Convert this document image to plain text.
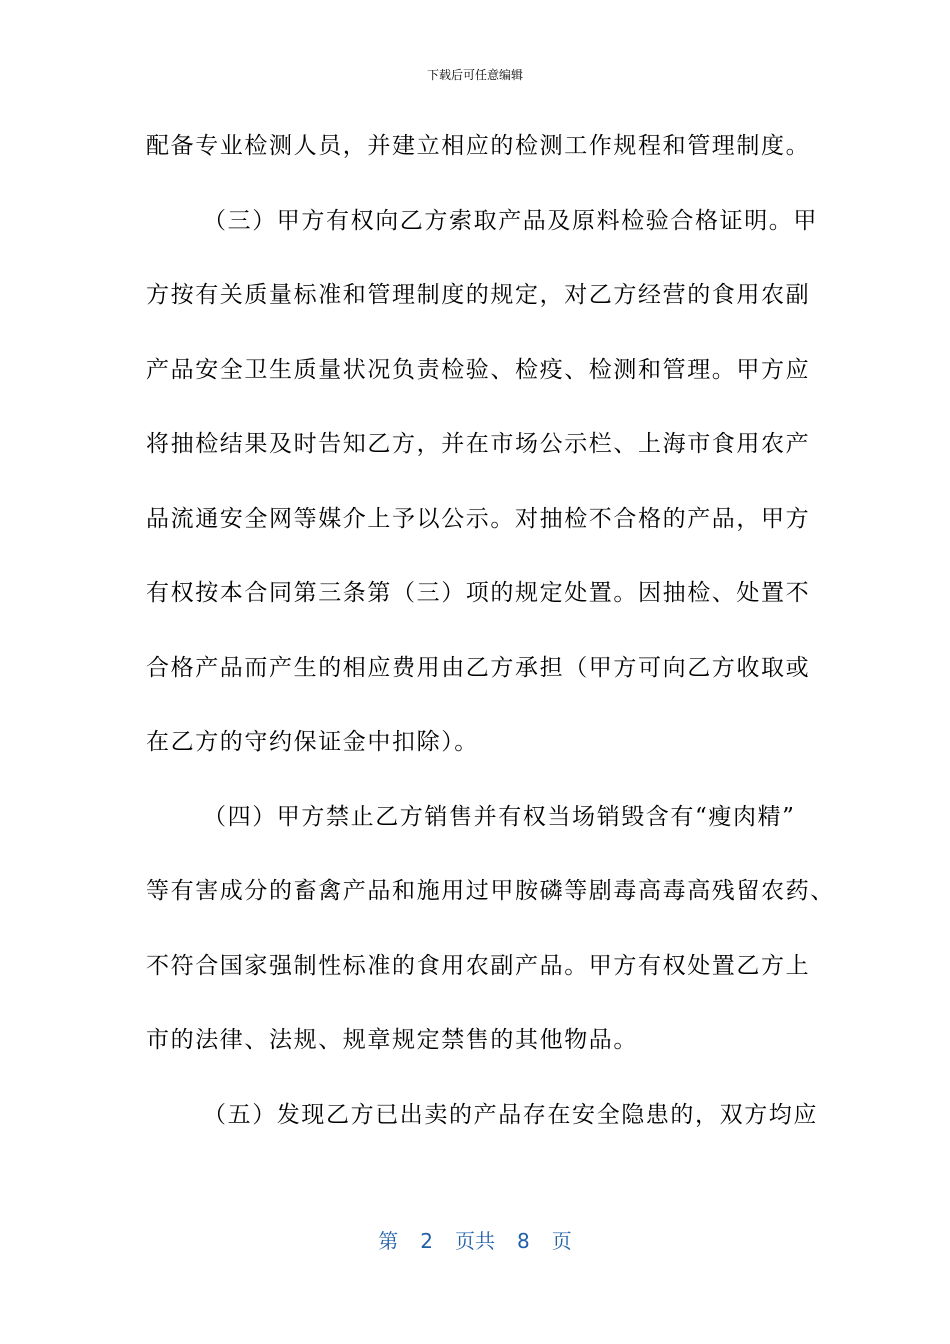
下载后可任意编辑
配备专业检测人员，并建立相应的检测工作规程和管理制度。
（三）甲方有权向乙方索取产品及原料检验合格证明。甲
方按有关质量标准和管理制度的规定，对乙方经营的食用农副
产品安全卫生质量状况负责检验、检疫、检测和管理。甲方应
将抽检结果及时告知乙方，并在市场公示栏、上海市食用农产
品流通安全网等媒介上予以公示。对抽检不合格的产品，甲方
有权按本合同第三条第（三）项的规定处置。因抽检、处置不
合格产品而产生的相应费用由乙方承担（甲方可向乙方收取或
在乙方的守约保证金中扣除）。
（四）甲方禁止乙方销售并有权当场销毁含有“瘦肉精”
等有害成分的畜禽产品和施用过甲胺磷等剧毒高毒高残留农药、
不符合国家强制性标准的食用农副产品。甲方有权处置乙方上
市的法律、法规、规章规定禁售的其他物品。
（五）发现乙方已出卖的产品存在安全隐患的，双方均应
第 2 页共 8 页
